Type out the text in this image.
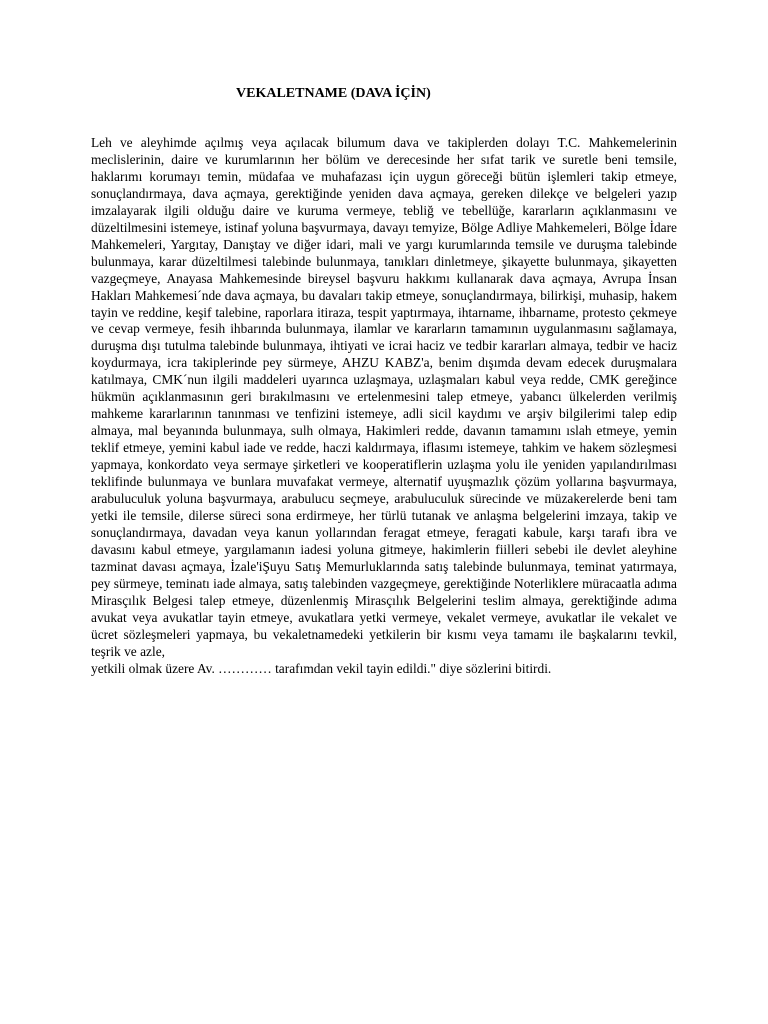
VEKALETNAME (DAVA İÇİN)

Leh ve aleyhimde açılmış veya açılacak bilumum dava ve takiplerden dolayı T.C. Mahkemelerinin meclislerinin, daire ve kurumlarının her bölüm ve derecesinde her sıfat tarik ve suretle beni temsile, haklarımı korumayı temin, müdafaa ve muhafazası için uygun göreceği bütün işlemleri takip etmeye, sonuçlandırmaya, dava açmaya, gerektiğinde yeniden dava açmaya, gereken dilekçe ve belgeleri yazıp imzalayarak ilgili olduğu daire ve kuruma vermeye, tebliğ ve tebellüğe, kararların açıklanmasını ve düzeltilmesini istemeye, istinaf yoluna başvurmaya, davayı temyize, Bölge Adliye Mahkemeleri, Bölge İdare Mahkemeleri, Yargıtay, Danıştay ve diğer idari, mali ve yargı kurumlarında temsile ve duruşma talebinde bulunmaya, karar düzeltilmesi talebinde bulunmaya, tanıkları dinletmeye, şikayette bulunmaya, şikayetten vazgeçmeye, Anayasa Mahkemesinde bireysel başvuru hakkımı kullanarak dava açmaya, Avrupa İnsan Hakları Mahkemesi´nde dava açmaya, bu davaları takip etmeye, sonuçlandırmaya, bilirkişi, muhasip, hakem tayin ve reddine, keşif talebine, raporlara itiraza, tespit yaptırmaya, ihtarname, ihbarname, protesto çekmeye ve cevap vermeye, fesih ihbarında bulunmaya, ilamlar ve kararların tamamının uygulanmasını sağlamaya, duruşma dışı tutulma talebinde bulunmaya, ihtiyati ve icrai haciz ve tedbir kararları almaya, tedbir ve haciz koydurmaya, icra takiplerinde pey sürmeye, AHZU KABZ'a, benim dışımda devam edecek duruşmalara katılmaya, CMK´nun ilgili maddeleri uyarınca uzlaşmaya, uzlaşmaları kabul veya redde, CMK gereğince hükmün açıklanmasının geri bırakılmasını ve ertelenmesini talep etmeye, yabancı ülkelerden verilmiş mahkeme kararlarının tanınması ve tenfizini istemeye, adli sicil kaydımı ve arşiv bilgilerimi talep edip almaya, mal beyanında bulunmaya, sulh olmaya, Hakimleri redde, davanın tamamını ıslah etmeye, yemin teklif etmeye, yemini kabul iade ve redde, haczi kaldırmaya, iflasımı istemeye, tahkim ve hakem sözleşmesi yapmaya, konkordato veya sermaye şirketleri ve kooperatiflerin uzlaşma yolu ile yeniden yapılandırılması teklifinde bulunmaya ve bunlara muvafakat vermeye, alternatif uyuşmazlık çözüm yollarına başvurmaya, arabuluculuk yoluna başvurmaya, arabulucu seçmeye, arabuluculuk sürecinde ve müzakerelerde beni tam yetki ile temsile, dilerse süreci sona erdirmeye, her türlü tutanak ve anlaşma belgelerini imzaya, takip ve sonuçlandırmaya, davadan veya kanun yollarından feragat etmeye, feragati kabule, karşı tarafı ibra ve davasını kabul etmeye, yargılamanın iadesi yoluna gitmeye, hakimlerin fiilleri sebebi ile devlet aleyhine tazminat davası açmaya, İzale'iŞuyu Satış Memurluklarında satış talebinde bulunmaya, teminat yatırmaya, pey sürmeye, teminatı iade almaya, satış talebinden vazgeçmeye, gerektiğinde Noterliklere müracaatla adıma Mirasçılık Belgesi talep etmeye, düzenlenmiş Mirasçılık Belgelerini teslim almaya, gerektiğinde adıma avukat veya avukatlar tayin etmeye, avukatlara yetki vermeye, vekalet vermeye, avukatlar ile vekalet ve ücret sözleşmeleri yapmaya, bu vekaletnamedeki yetkilerin bir kısmı veya tamamı ile başkalarını tevkil, teşrik ve azle,

yetkili olmak üzere Av. ………… tarafımdan vekil tayin edildi." diye sözlerini bitirdi.
